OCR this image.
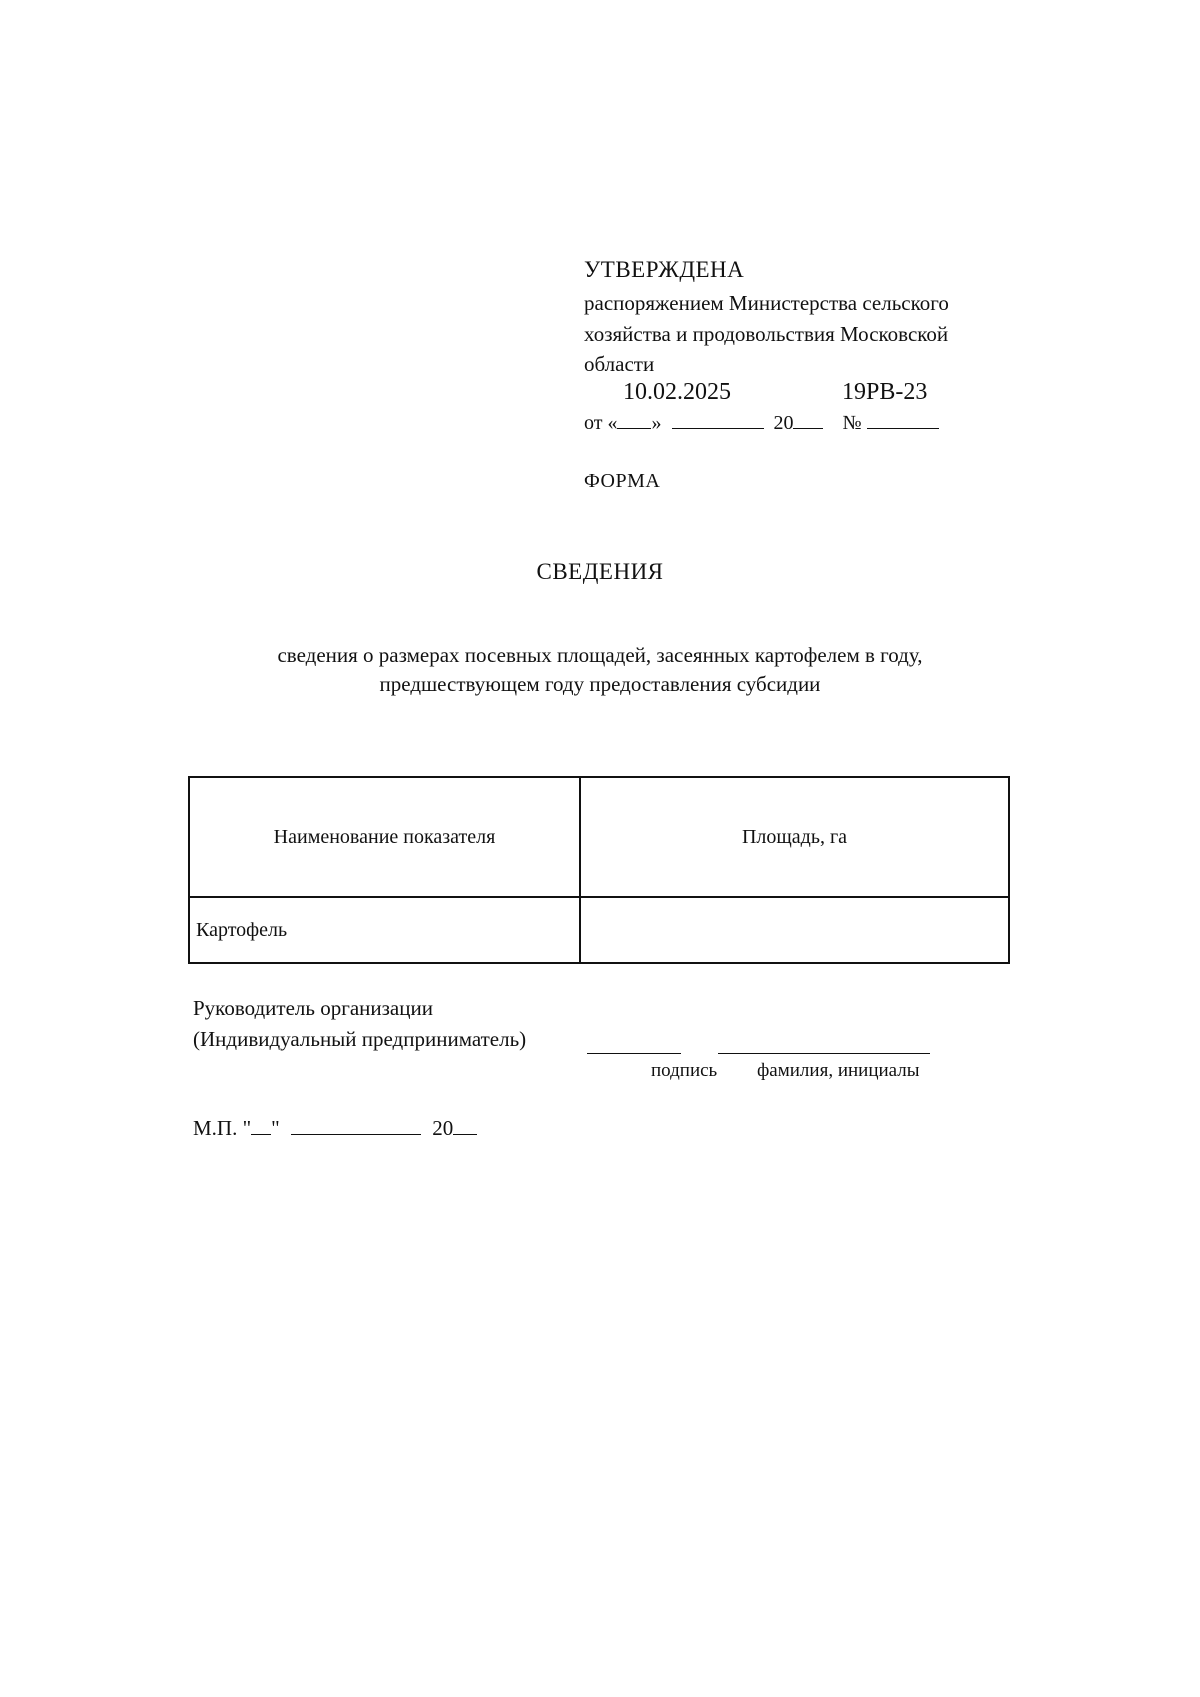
УТВЕРЖДЕНА
распоряжением Министерства сельского
хозяйства и продовольствия Московской
области
10.02.2025	19РВ-23
от « »	20 №
ФОРМА
СВЕДЕНИЯ
сведения о размерах посевных площадей, засеянных картофелем в году,
предшествующем году предоставления субсидии
Наименование показателя	Площадь, га
Картофель	
Руководитель организации
(Индивидуальный предприниматель)
подпись фамилия, инициалы
М.П. " "	20
